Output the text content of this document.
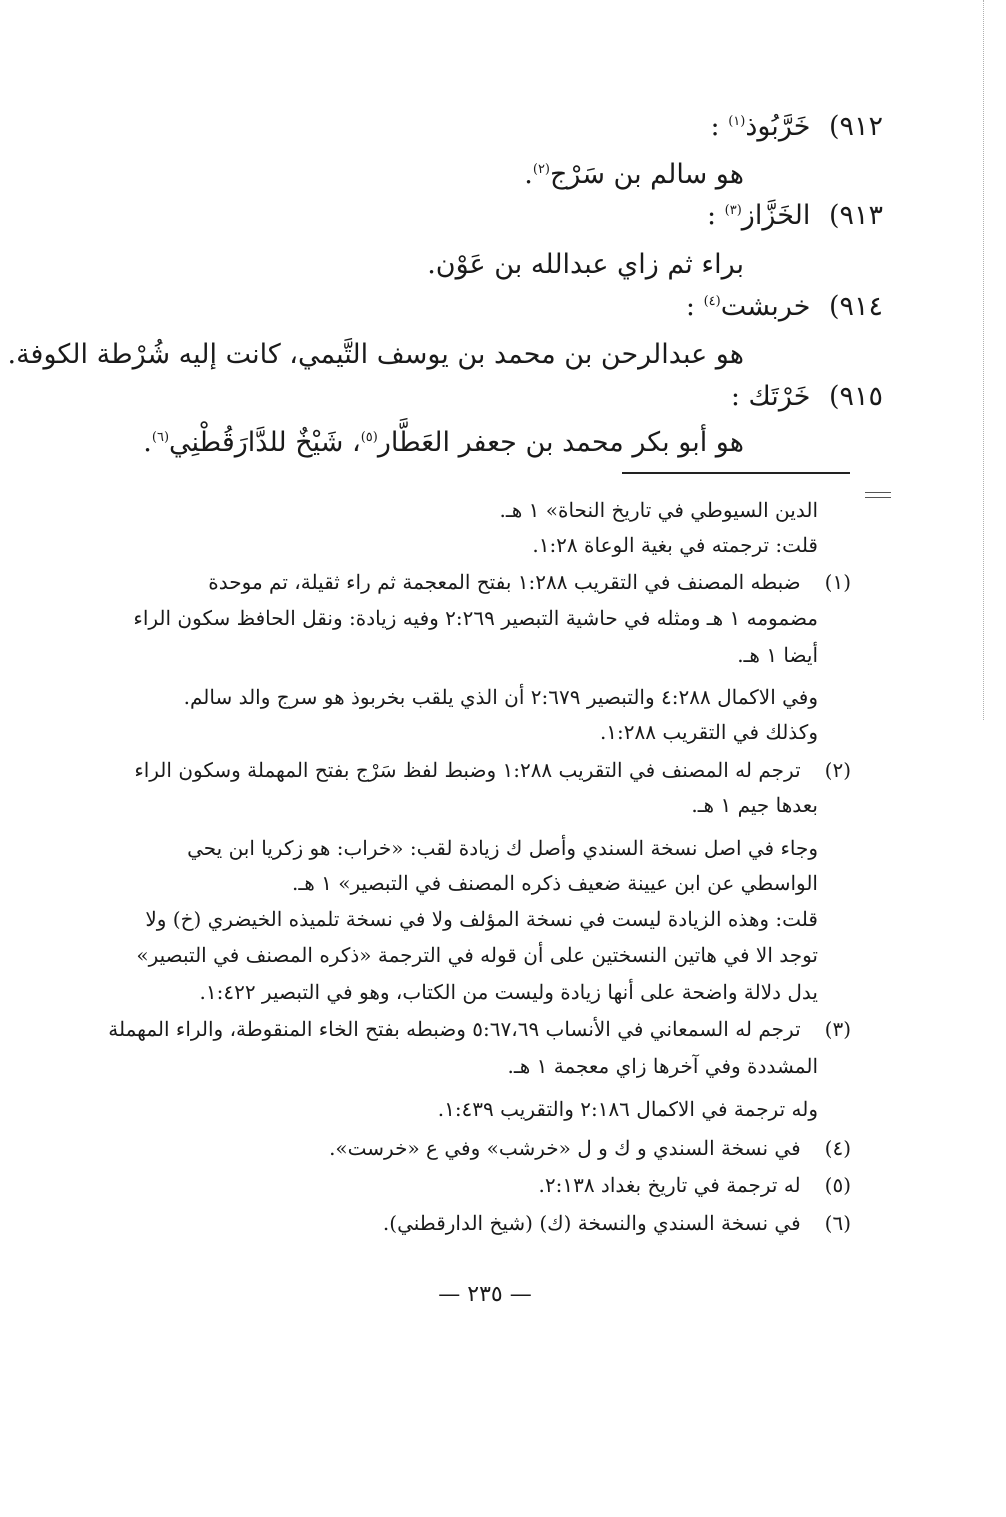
٩١٢) خَرَّبُوذ$^{(١)}$ :

هو سالم بن سَرْج$^{(٢)}$.

٩١٣) الخَزَّاز$^{(٣)}$ :

براء ثم زاي عبدالله بن عَوْن.

٩١٤) خربشت$^{(٤)}$ :

هو عبدالرحن بن محمد بن يوسف التَّيمي، كانت إليه شُرْطة الكوفة.

٩١٥) خَرْتَك :

هو أبو بكر محمد بن جعفر العَطَّار$^{(٥)}$، شَيْخٌ للدَّارَقُطْنِي$^{(٦)}$.

الدين السيوطي في تاريخ النحاة» ١ هـ.

قلت: ترجمته في بغية الوعاة ١:٢٨.

(١) ضبطه المصنف في التقريب ١:٢٨٨ بفتح المعجمة ثم راء ثقيلة، تم موحدة

مضمومه ١ هـ ومثله في حاشية التبصير ٢:٢٦٩ وفيه زيادة: ونقل الحافظ سكون الراء

أيضا ١ هـ.

وفي الاكمال ٤:٢٨٨ والتبصير ٢:٦٧٩ أن الذي يلقب بخربوذ هو سرج والد سالم.

وكذلك في التقريب ١:٢٨٨.

(٢) ترجم له المصنف في التقريب ١:٢٨٨ وضبط لفظ سَرْج بفتح المهملة وسكون الراء

بعدها جيم ١ هـ.

وجاء في اصل نسخة السندي وأصل ك زيادة لقب: «خراب: هو زكريا ابن يحي

الواسطي عن ابن عيينة ضعيف ذكره المصنف في التبصير» ١ هـ.

قلت: وهذه الزيادة ليست في نسخة المؤلف ولا في نسخة تلميذه الخيضري (خ) ولا

توجد الا في هاتين النسختين على أن قوله في الترجمة «ذكره المصنف في التبصير»

يدل دلالة واضحة على أنها زيادة وليست من الكتاب، وهو في التبصير ١:٤٢٢.

(٣) ترجم له السمعاني في الأنساب ٥:٦٧،٦٩ وضبطه بفتح الخاء المنقوطة، والراء المهملة

المشددة وفي آخرها زاي معجمة ١ هـ.

وله ترجمة في الاكمال ٢:١٨٦ والتقريب ١:٤٣٩.

(٤) في نسخة السندي و ك و ل «خرشب» وفي ع «خرست».

(٥) له ترجمة في تاريخ بغداد ٢:١٣٨.

(٦) في نسخة السندي والنسخة (ك) (شيخ الدارقطني).

— ٢٣٥ —
